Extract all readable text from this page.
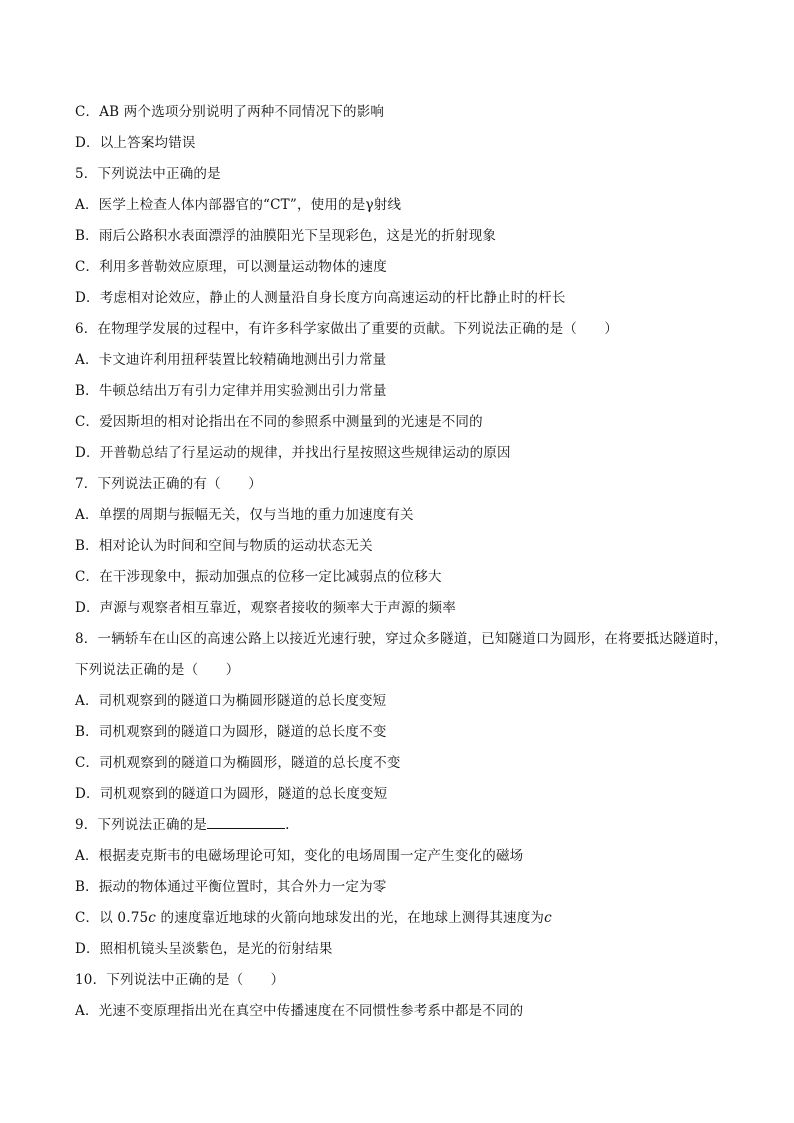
C．AB 两个选项分别说明了两种不同情况下的影响
D．以上答案均错误
5．下列说法中正确的是
A．医学上检查人体内部器官的“CT”，使用的是γ射线
B．雨后公路积水表面漂浮的油膜阳光下呈现彩色，这是光的折射现象
C．利用多普勒效应原理，可以测量运动物体的速度
D．考虑相对论效应，静止的人测量沿自身长度方向高速运动的杆比静止时的杆长
6．在物理学发展的过程中，有许多科学家做出了重要的贡献。下列说法正确的是（　　）
A．卡文迪许利用扭秤装置比较精确地测出引力常量
B．牛顿总结出万有引力定律并用实验测出引力常量
C．爱因斯坦的相对论指出在不同的参照系中测量到的光速是不同的
D．开普勒总结了行星运动的规律，并找出行星按照这些规律运动的原因
7．下列说法正确的有（　　）
A．单摆的周期与振幅无关，仅与当地的重力加速度有关
B．相对论认为时间和空间与物质的运动状态无关
C．在干涉现象中，振动加强点的位移一定比减弱点的位移大
D．声源与观察者相互靠近，观察者接收的频率大于声源的频率
8．一辆轿车在山区的高速公路上以接近光速行驶，穿过众多隧道，已知隧道口为圆形，在将要抵达隧道时，
下列说法正确的是（　　）
A．司机观察到的隧道口为椭圆形隧道的总长度变短
B．司机观察到的隧道口为圆形，隧道的总长度不变
C．司机观察到的隧道口为椭圆形，隧道的总长度不变
D．司机观察到的隧道口为圆形，隧道的总长度变短
9．下列说法正确的是	.
A．根据麦克斯韦的电磁场理论可知，变化的电场周围一定产生变化的磁场
B．振动的物体通过平衡位置时，其合外力一定为零
C．以 0.75c 的速度靠近地球的火箭向地球发出的光，在地球上测得其速度为c
D．照相机镜头呈淡紫色，是光的衍射结果
10．下列说法中正确的是（　　）
A．光速不变原理指出光在真空中传播速度在不同惯性参考系中都是不同的
